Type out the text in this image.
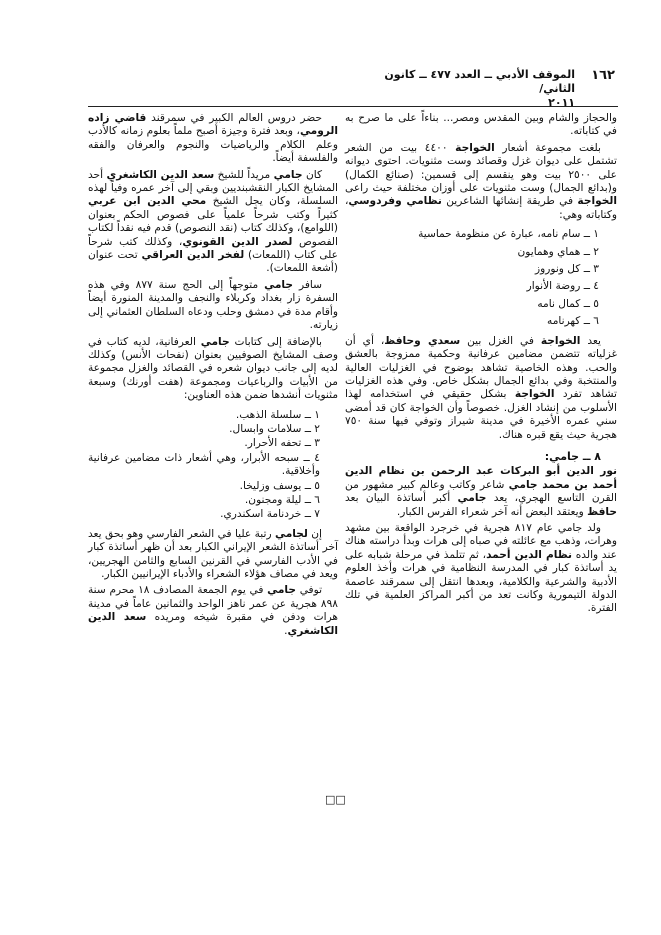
١٦٢
الموقف الأدبي ــ العدد ٤٧٧ ــ كانون الثاني/
٢٠١١

والحجاز والشام وبين المقدس ومصر... بناءاً على ما صرح به في كتاباته.

بلغت مجموعة أشعار الخواجة ٤٤٠٠ بيت من الشعر تشتمل على ديوان غزل وقصائد وست مثنويات. احتوى ديوانه على ٢٥٠٠ بيت وهو ينقسم إلى قسمين: (صنائع الكمال) و(بدائع الجمال) وست مثنويات على أوزان مختلفة حيث راعى الخواجة في طريقة إنشائها الشاعرين نظامي وفردوسي، وكتاباته وهي:

١ ــ سام نامه، عبارة عن منظومة حماسية
٢ ــ هماي وهمايون
٣ ــ كل ونوروز
٤ ــ روضة الأنوار
٥ ــ كمال نامه
٦ ــ كهرنامه

يعد الخواجة في الغزل بين سعدي وحافظ، أي أن غزلياته تتضمن مضامين عرفانية وحكمية ممزوجة بالعشق والحب. وهذه الخاصية تشاهد بوضوح في الغزليات العالية والمنتخبة وفي بدائع الجمال بشكل خاص. وفي هذه الغزليات تشاهد تفرد الخواجة بشكل حقيقي في استخدامه لهذا الأسلوب من إنشاد الغزل. خصوصاً وأن الخواجة كان قد أمضى سني عمره الأخيرة في مدينة شيراز وتوفي فيها سنة ٧٥٠ هجرية حيث يقع قبره هناك.

٨ ــ جامي:

نور الدين أبو البركات عبد الرحمن بن نظام الدين أحمد بن محمد جامي شاعر وكاتب وعالم كبير مشهور من القرن التاسع الهجري، يعد جامي أكبر أساتذة البيان بعد حافظ ويعتقد البعض أنه آخر شعراء الفرس الكبار.

ولد جامي عام ٨١٧ هجرية في خرجرد الواقعة بين مشهد وهرات، وذهب مع عائلته في صباه إلى هرات وبدأ دراسته هناك عند والده نظام الدين أحمد، ثم تتلمذ في مرحلة شبابه على يد أساتذة كبار في المدرسة النظامية في هرات وأخذ العلوم الأدبية والشرعية والكلامية، وبعدها انتقل إلى سمرقند عاصمة الدولة التيمورية وكانت تعد من أكبر المراكز العلمية في تلك الفترة.

حضر دروس العالم الكبير في سمرقند قاضي زاده الرومي، وبعد فترة وجيزة أصبح ملماً بعلوم زمانه كالأدب وعلم الكلام والرياضيات والنجوم والعرفان والفقه والفلسفة أيضاً.

كان جامي مريداً للشيخ سعد الدين الكاشغري أحد المشايخ الكبار النقشبنديين وبقي إلى آخر عمره وفياً لهذه السلسلة، وكان يجل الشيخ محي الدين ابن عربي كثيراً وكتب شرحاً علمياً على فصوص الحكم بعنوان (اللوامع)، وكذلك كتاب (نقد النصوص) قدم فيه نقداً لكتاب الفصوص لصدر الدين القونوي، وكذلك كتب شرحاً على كتاب (اللمعات) لفخر الدين العراقي تحت عنوان (أشعة اللمعات).

سافر جامي متوجهاً إلى الحج سنة ٨٧٧ وفي هذه السفرة زار بغداد وكربلاء والنجف والمدينة المنورة أيضاً وأقام مدة في دمشق وحلب ودعاه السلطان العثماني إلى زيارته.

بالإضافة إلى كتابات جامي العرفانية، لديه كتاب في وصف المشايخ الصوفيين بعنوان (نفحات الأنس) وكذلك لديه إلى جانب ديوان شعره في القصائد والغزل مجموعة من الأبيات والرباعيات ومجموعة (هفت أورنك) وسبعة مثنويات أنشدها ضمن هذه العناوين:

١ ــ سلسلة الذهب.
٢ ــ سلامات وابسال.
٣ ــ تحفه الأحرار.
٤ ــ سبحه الأبرار، وهي أشعار ذات مضامين عرفانية وأخلاقية.
٥ ــ يوسف وزليخا.
٦ ــ ليلة ومجنون.
٧ ــ خردنامة اسكندري.

إن لجامي رتبة عليا في الشعر الفارسي وهو بحق يعد آخر أساتذة الشعر الإيراني الكبار بعد أن ظهر أساتذة كبار في الأدب الفارسي في القرنين السابع والثامن الهجريين، ويعد في مصاف هؤلاء الشعراء والأدباء الإيرانيين الكبار.

توفي جامي في يوم الجمعة المصادف ١٨ محرم سنة ٨٩٨ هجرية عن عمر ناهز الواحد والثمانين عاماً في مدينة هرات ودفن في مقبرة شيخه ومريده سعد الدين الكاشغري.

□□
